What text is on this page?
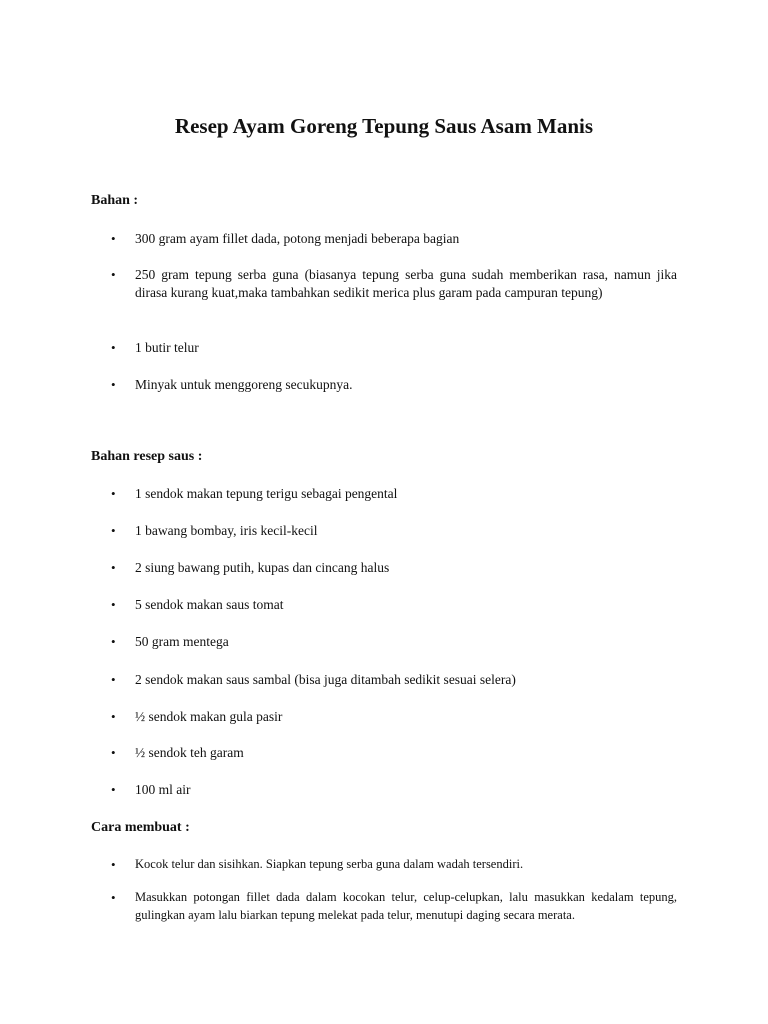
Resep Ayam Goreng Tepung Saus Asam Manis
Bahan :
• 300 gram ayam fillet dada, potong menjadi beberapa bagian
• 250 gram tepung serba guna (biasanya tepung serba guna sudah memberikan rasa, namun jika dirasa kurang kuat,maka tambahkan sedikit merica plus garam pada campuran tepung)
• 1 butir telur
• Minyak untuk menggoreng secukupnya.
Bahan resep saus :
• 1 sendok makan tepung terigu sebagai pengental
• 1 bawang bombay, iris kecil-kecil
• 2 siung bawang putih, kupas dan cincang halus
• 5 sendok makan saus tomat
• 50 gram mentega
• 2 sendok makan saus sambal (bisa juga ditambah sedikit sesuai selera)
• ½ sendok makan gula pasir
• ½ sendok teh garam
• 100 ml air
Cara membuat :
• Kocok telur dan sisihkan. Siapkan tepung serba guna dalam wadah tersendiri.
• Masukkan potongan fillet dada dalam kocokan telur, celup-celupkan, lalu masukkan kedalam tepung, gulingkan ayam lalu biarkan tepung melekat pada telur, menutupi daging secara merata.
